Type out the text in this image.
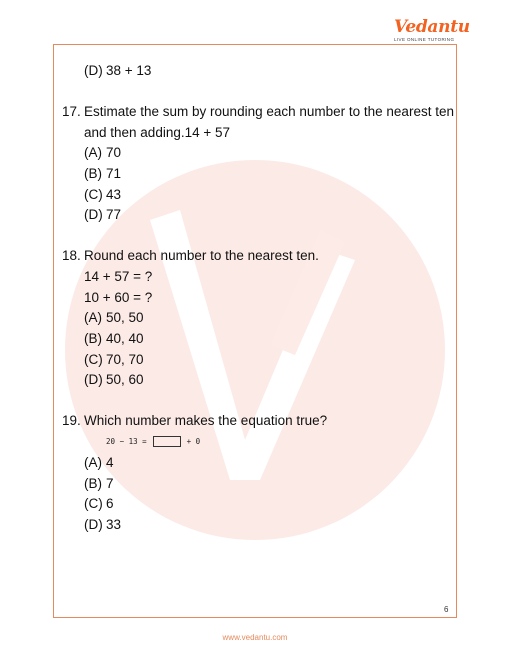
Vedantu
LIVE ONLINE TUTORING
(D) 38 + 13
17. Estimate the sum by rounding each number to the nearest ten
and then adding.14 + 57
(A) 70
(B) 71
(C) 43
(D) 77
18. Round each number to the nearest ten.
14 + 57 = ?
10 + 60 = ?
(A) 50, 50
(B) 40, 40
(C) 70, 70
(D) 50, 60
19. Which number makes the equation true?
20 − 13 =	+ 0
(A) 4
(B) 7
(C) 6
(D) 33
6
www.vedantu.com
